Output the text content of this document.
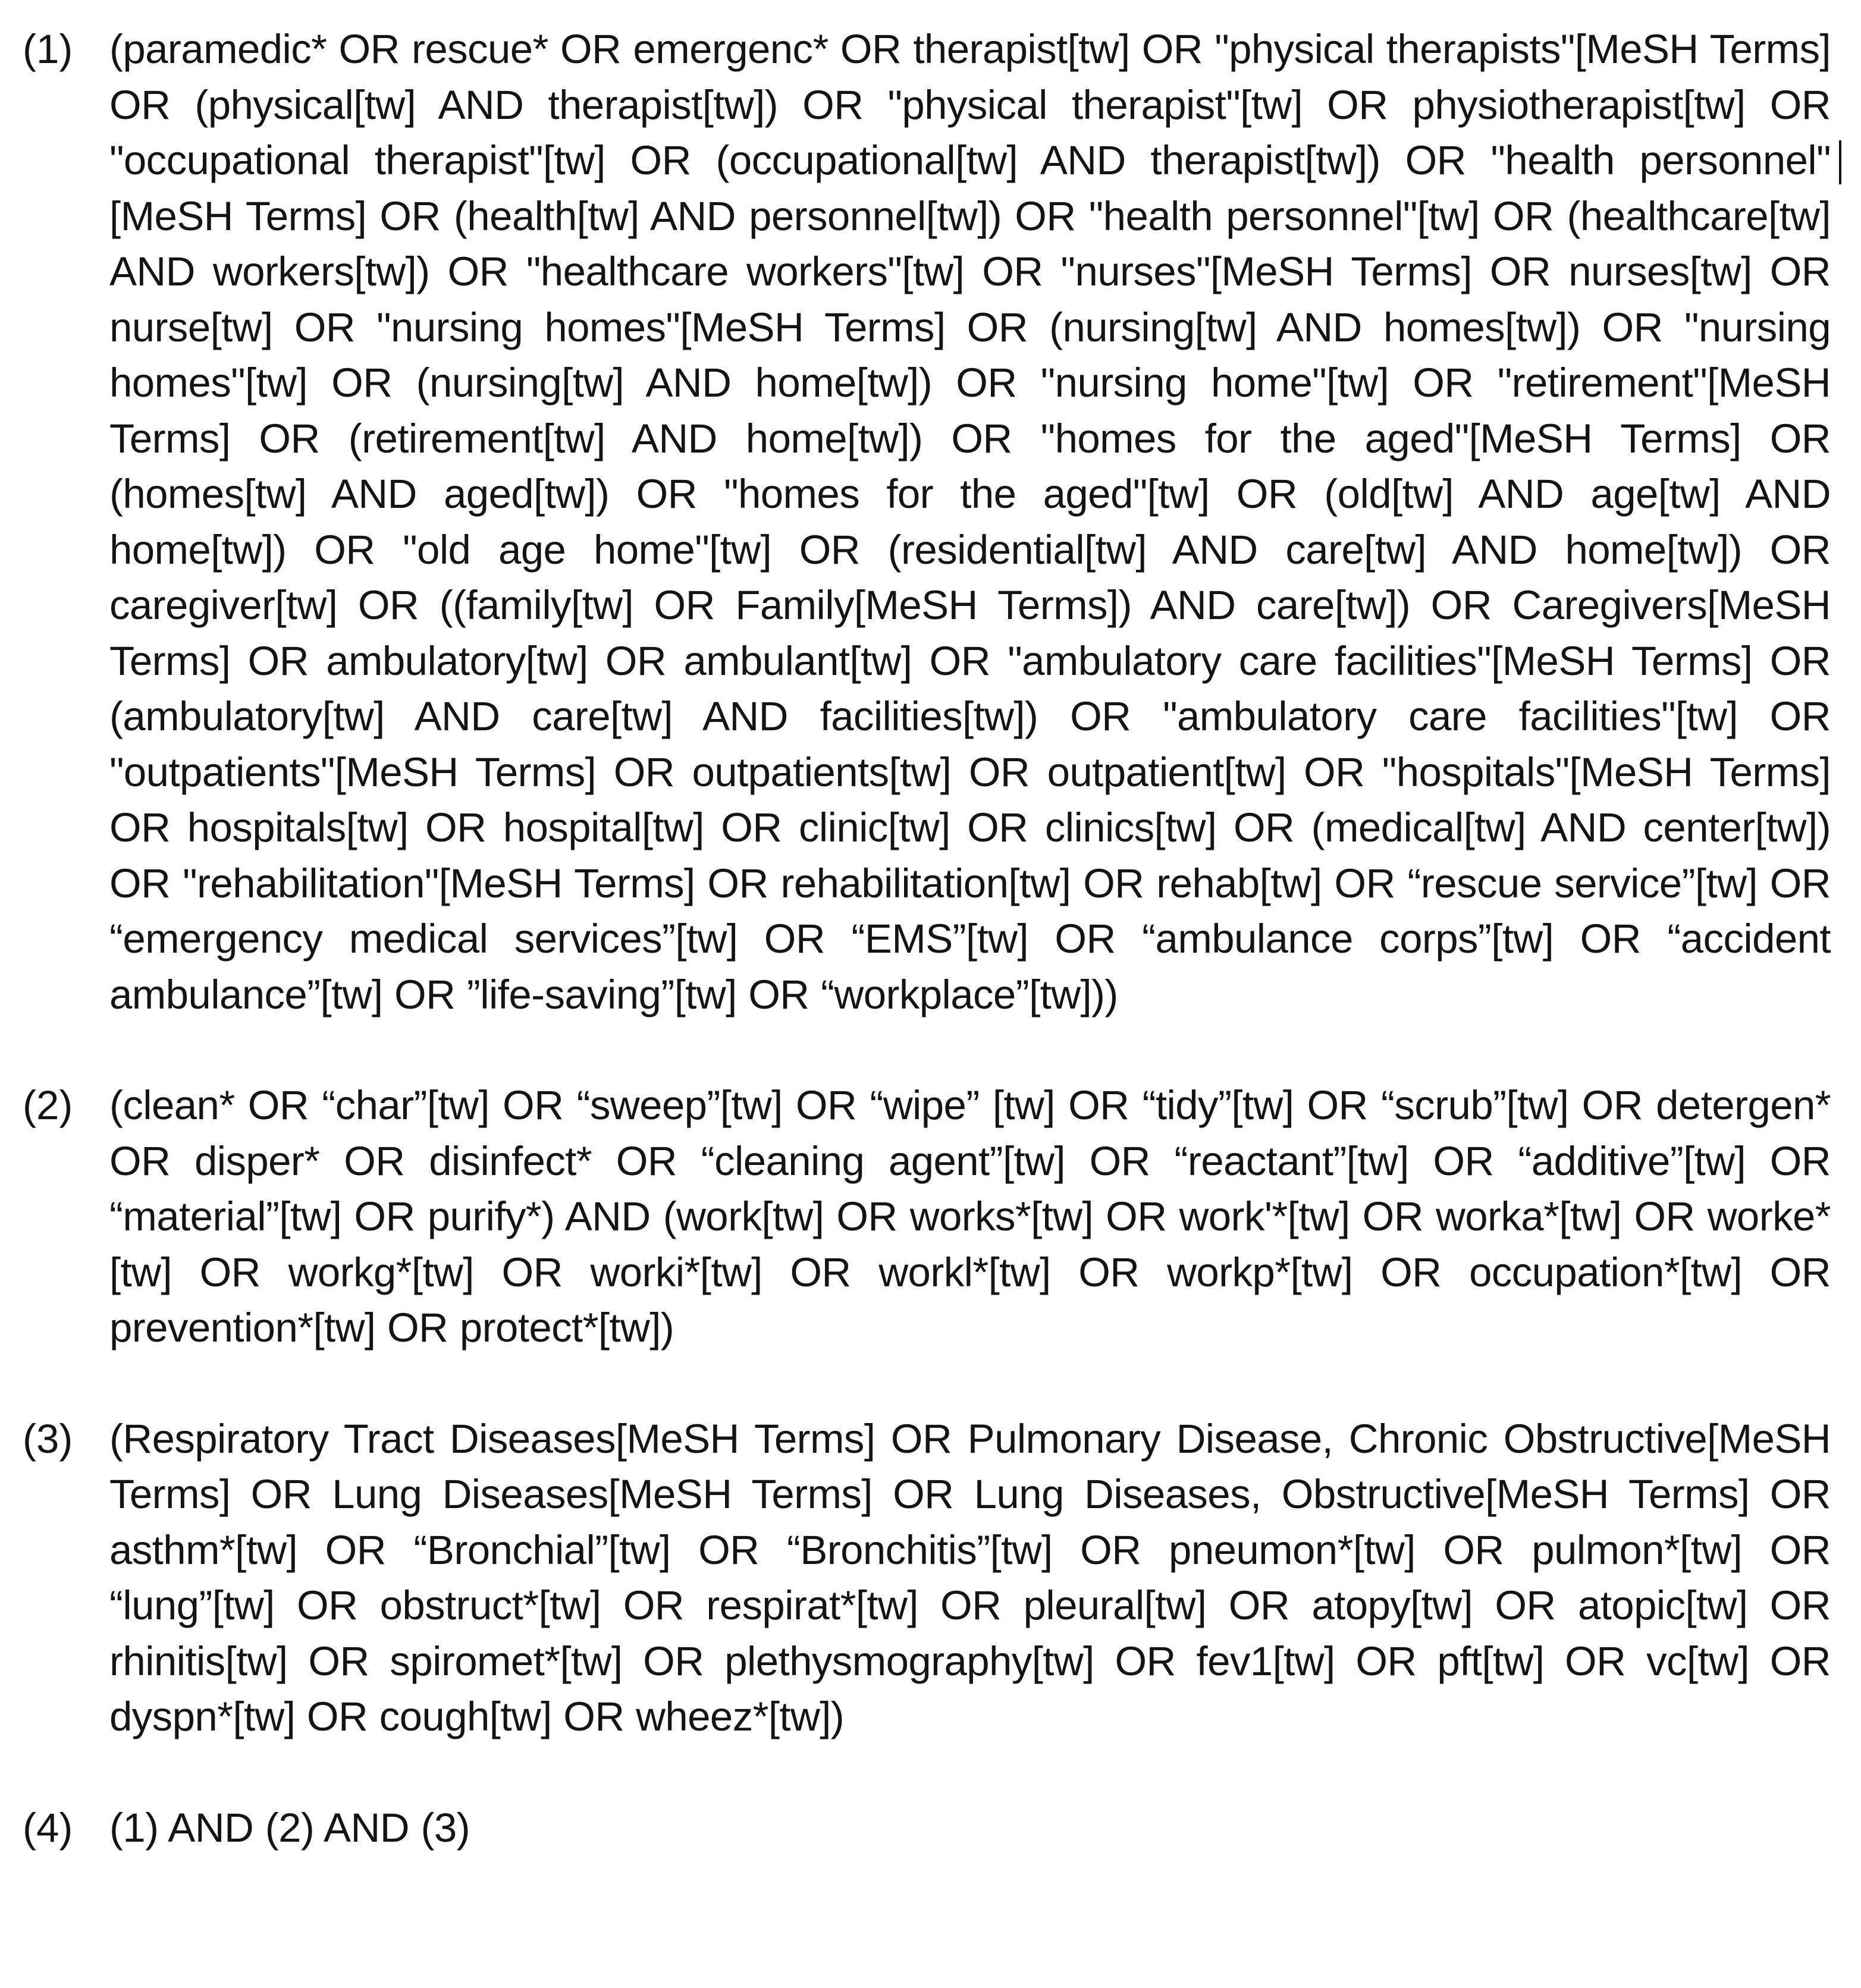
(1) (paramedic* OR rescue* OR emergenc* OR therapist[tw] OR "physical therapists"[MeSH Terms] OR (physical[tw] AND therapist[tw]) OR "physical therapist"[tw] OR physiotherapist[tw] OR "occupational therapist"[tw] OR (occupational[tw] AND therapist[tw]) OR "health personnel"[MeSH Terms] OR (health[tw] AND personnel[tw]) OR "health personnel"[tw] OR (healthcare[tw] AND workers[tw]) OR "healthcare workers"[tw] OR "nurses"[MeSH Terms] OR nurses[tw] OR nurse[tw] OR "nursing homes"[MeSH Terms] OR (nursing[tw] AND homes[tw]) OR "nursing homes"[tw] OR (nursing[tw] AND home[tw]) OR "nursing home"[tw] OR "retirement"[MeSH Terms] OR (retirement[tw] AND home[tw]) OR "homes for the aged"[MeSH Terms] OR (homes[tw] AND aged[tw]) OR "homes for the aged"[tw] OR (old[tw] AND age[tw] AND home[tw]) OR "old age home"[tw] OR (residential[tw] AND care[tw] AND home[tw]) OR caregiver[tw] OR ((family[tw] OR Family[MeSH Terms]) AND care[tw]) OR Caregivers[MeSH Terms] OR ambulatory[tw] OR ambulant[tw] OR "ambulatory care facilities"[MeSH Terms] OR (ambulatory[tw] AND care[tw] AND facilities[tw]) OR "ambulatory care facilities"[tw] OR "outpatients"[MeSH Terms] OR outpatients[tw] OR outpatient[tw] OR "hospitals"[MeSH Terms] OR hospitals[tw] OR hospital[tw] OR clinic[tw] OR clinics[tw] OR (medical[tw] AND center[tw]) OR "rehabilitation"[MeSH Terms] OR rehabilitation[tw] OR rehab[tw] OR “rescue service”[tw] OR “emergency medical services”[tw] OR “EMS”[tw] OR “ambulance corps”[tw] OR “accident ambulance”[tw] OR ”life-saving”[tw] OR “workplace”[tw]))
(2) (clean* OR “char”[tw] OR “sweep”[tw] OR “wipe” [tw] OR “tidy”[tw] OR “scrub”[tw] OR detergen* OR disper* OR disinfect* OR “cleaning agent”[tw] OR “reactant”[tw] OR “additive”[tw] OR “material”[tw] OR purify*) AND (work[tw] OR works*[tw] OR work'*[tw] OR worka*[tw] OR worke*[tw] OR workg*[tw] OR worki*[tw] OR workl*[tw] OR workp*[tw] OR occupation*[tw] OR prevention*[tw] OR protect*[tw])
(3) (Respiratory Tract Diseases[MeSH Terms] OR Pulmonary Disease, Chronic Obstructive[MeSH Terms] OR Lung Diseases[MeSH Terms] OR Lung Diseases, Obstructive[MeSH Terms] OR asthm*[tw] OR “Bronchial”[tw] OR “Bronchitis”[tw] OR pneumon*[tw] OR pulmon*[tw] OR “lung”[tw] OR obstruct*[tw] OR respirat*[tw] OR pleural[tw] OR atopy[tw] OR atopic[tw] OR rhinitis[tw] OR spiromet*[tw] OR plethysmography[tw] OR fev1[tw] OR pft[tw] OR vc[tw] OR dyspn*[tw] OR cough[tw] OR wheez*[tw])
(4) (1) AND (2) AND (3)
